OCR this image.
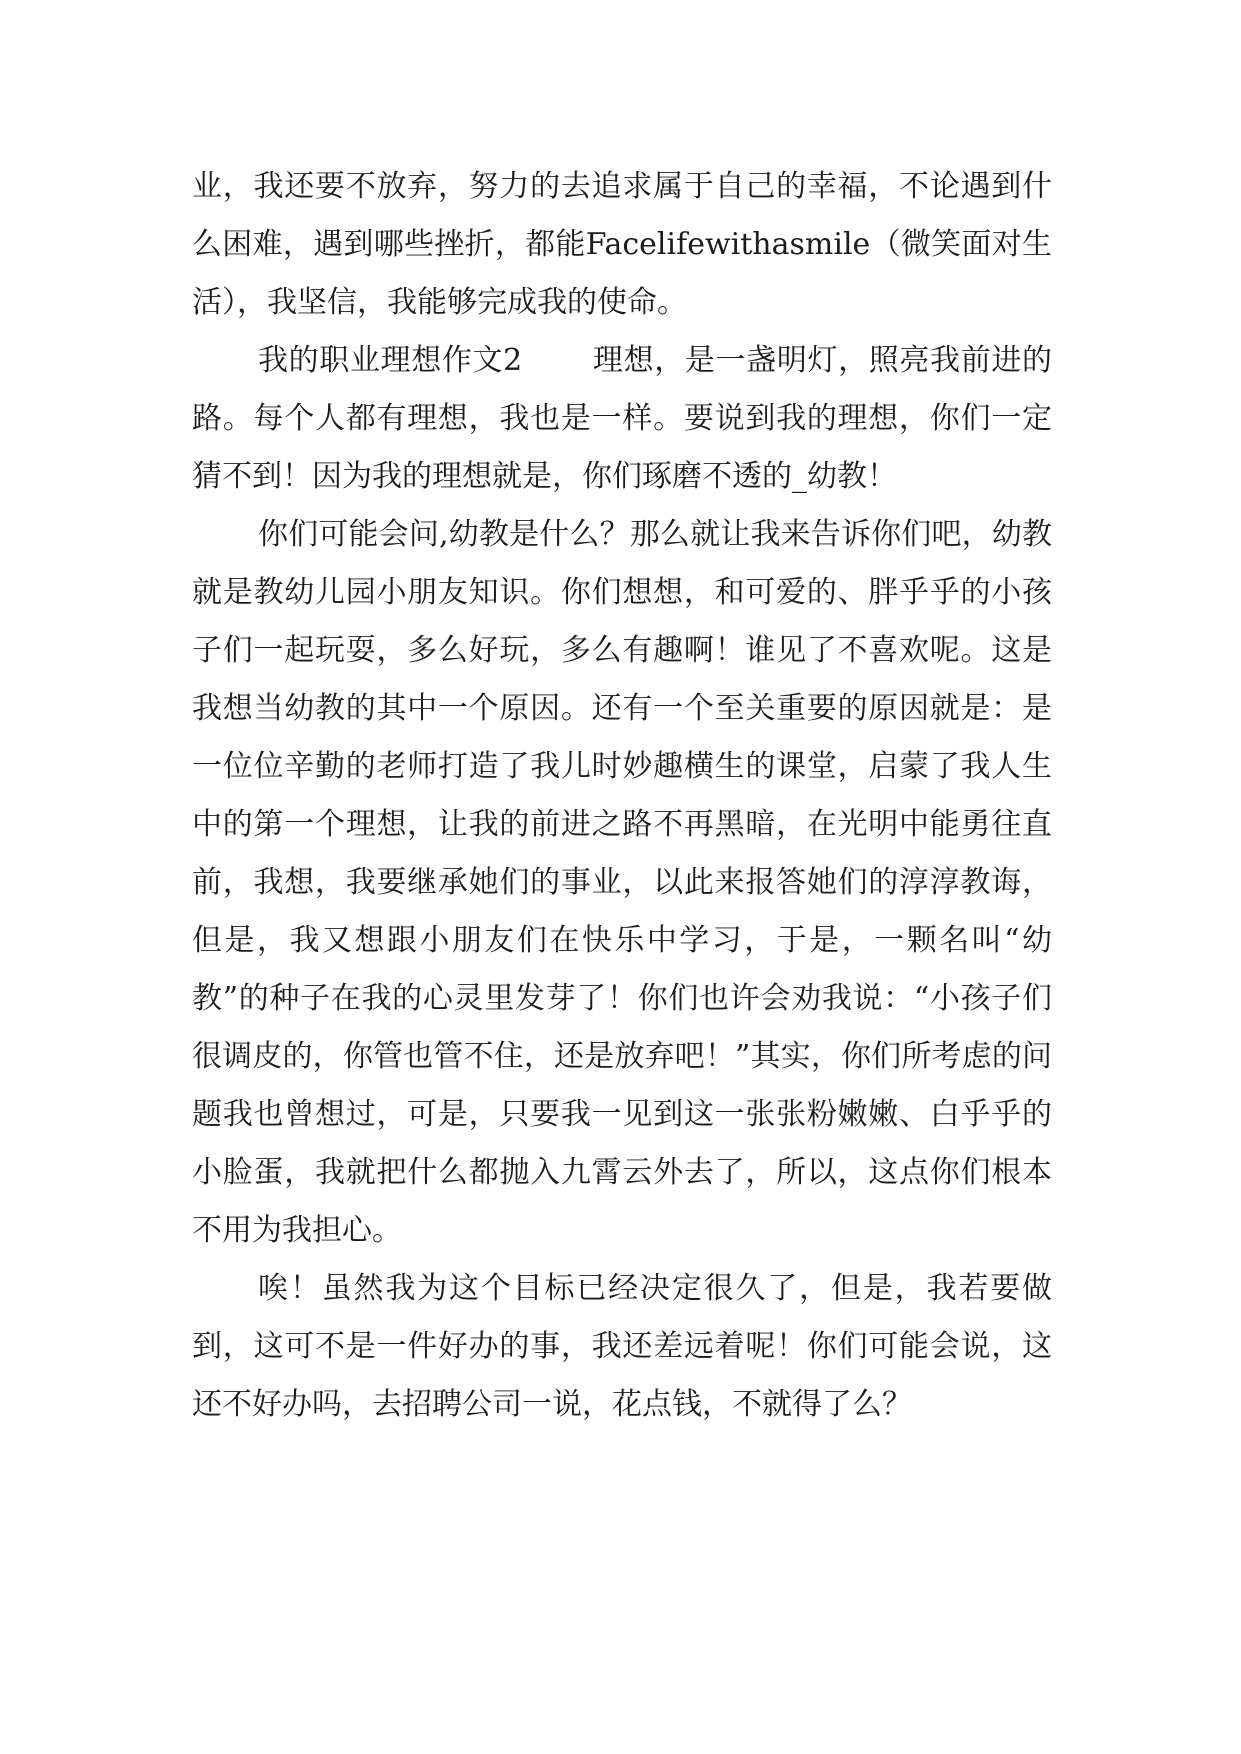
业，我还要不放弃，努力的去追求属于自己的幸福，不论遇到什么困难，遇到哪些挫折，都能Facelifewithasmile（微笑面对生活），我坚信，我能够完成我的使命。

我的职业理想作文2 理想，是一盏明灯，照亮我前进的路。每个人都有理想，我也是一样。要说到我的理想，你们一定猜不到！因为我的理想就是，你们琢磨不透的_幼教！

你们可能会问,幼教是什么？那么就让我来告诉你们吧，幼教就是教幼儿园小朋友知识。你们想想，和可爱的、胖乎乎的小孩子们一起玩耍，多么好玩，多么有趣啊！谁见了不喜欢呢。这是我想当幼教的其中一个原因。还有一个至关重要的原因就是：是一位位辛勤的老师打造了我儿时妙趣横生的课堂，启蒙了我人生中的第一个理想，让我的前进之路不再黑暗，在光明中能勇往直前，我想，我要继承她们的事业，以此来报答她们的淳淳教诲，但是，我又想跟小朋友们在快乐中学习，于是，一颗名叫“幼教”的种子在我的心灵里发芽了！你们也许会劝我说：“小孩子们很调皮的，你管也管不住，还是放弃吧！”其实，你们所考虑的问题我也曾想过，可是，只要我一见到这一张张粉嫩嫩、白乎乎的小脸蛋，我就把什么都抛入九霄云外去了，所以，这点你们根本不用为我担心。

唉！虽然我为这个目标已经决定很久了，但是，我若要做到，这可不是一件好办的事，我还差远着呢！你们可能会说，这还不好办吗，去招聘公司一说，花点钱，不就得了么？
